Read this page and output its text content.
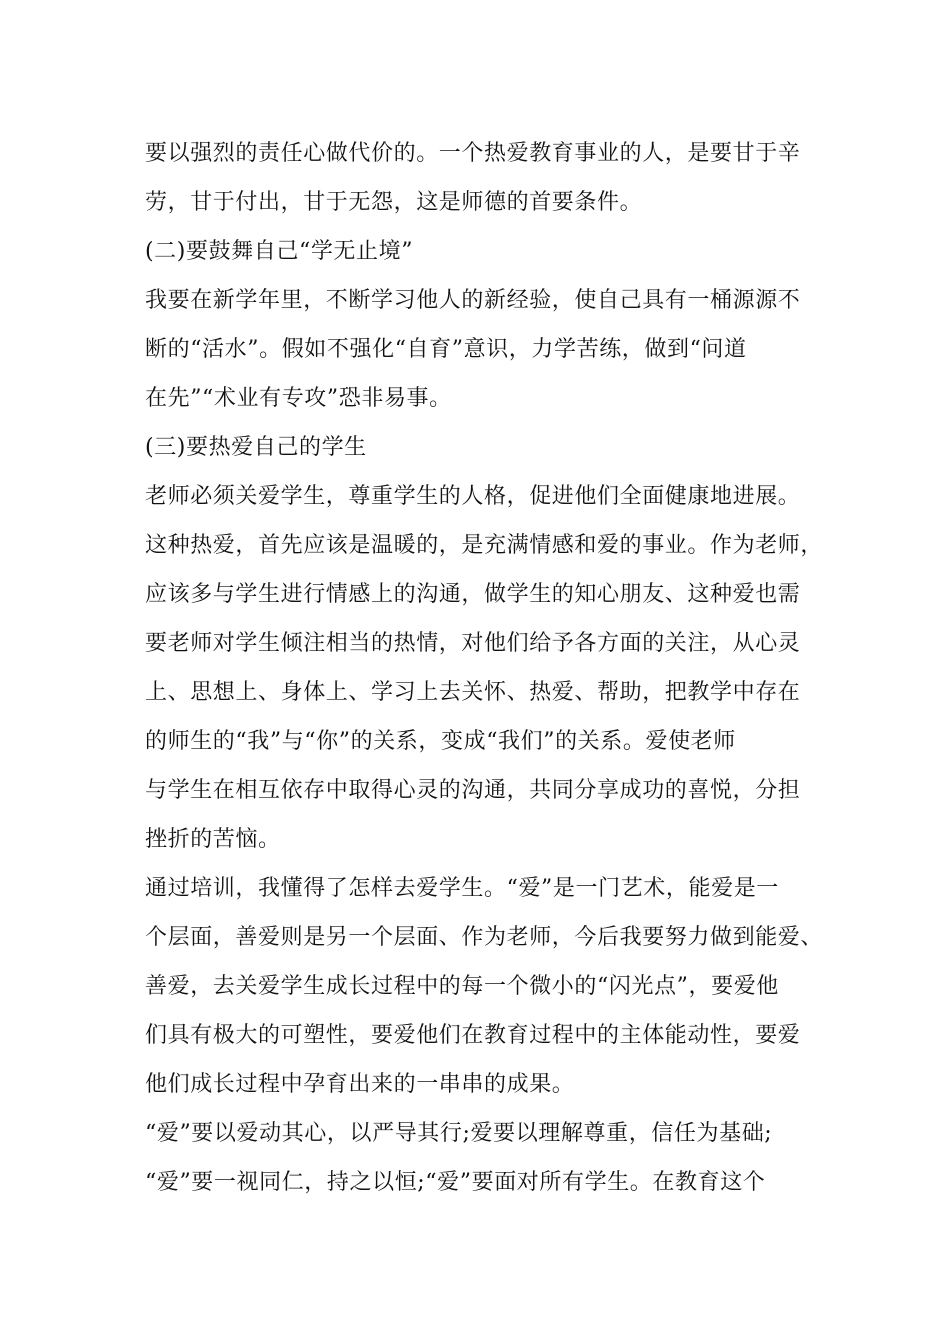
要以强烈的责任心做代价的。一个热爱教育事业的人，是要甘于辛
劳，甘于付出，甘于无怨，这是师德的首要条件。
(二)要鼓舞自己“学无止境”
我要在新学年里，不断学习他人的新经验，使自己具有一桶源源不
断的“活水”。假如不强化“自育”意识，力学苦练，做到“问道
在先”“术业有专攻”恐非易事。
(三)要热爱自己的学生
老师必须关爱学生，尊重学生的人格，促进他们全面健康地进展。
这种热爱，首先应该是温暖的，是充满情感和爱的事业。作为老师，
应该多与学生进行情感上的沟通，做学生的知心朋友、这种爱也需
要老师对学生倾注相当的热情，对他们给予各方面的关注，从心灵
上、思想上、身体上、学习上去关怀、热爱、帮助，把教学中存在
的师生的“我”与“你”的关系，变成“我们”的关系。爱使老师
与学生在相互依存中取得心灵的沟通，共同分享成功的喜悦，分担
挫折的苦恼。
通过培训，我懂得了怎样去爱学生。“爱”是一门艺术，能爱是一
个层面，善爱则是另一个层面、作为老师，今后我要努力做到能爱、
善爱，去关爱学生成长过程中的每一个微小的“闪光点”，要爱他
们具有极大的可塑性，要爱他们在教育过程中的主体能动性，要爱
他们成长过程中孕育出来的一串串的成果。
“爱”要以爱动其心，以严导其行;爱要以理解尊重，信任为基础;
“爱”要一视同仁，持之以恒;“爱”要面对所有学生。在教育这个
